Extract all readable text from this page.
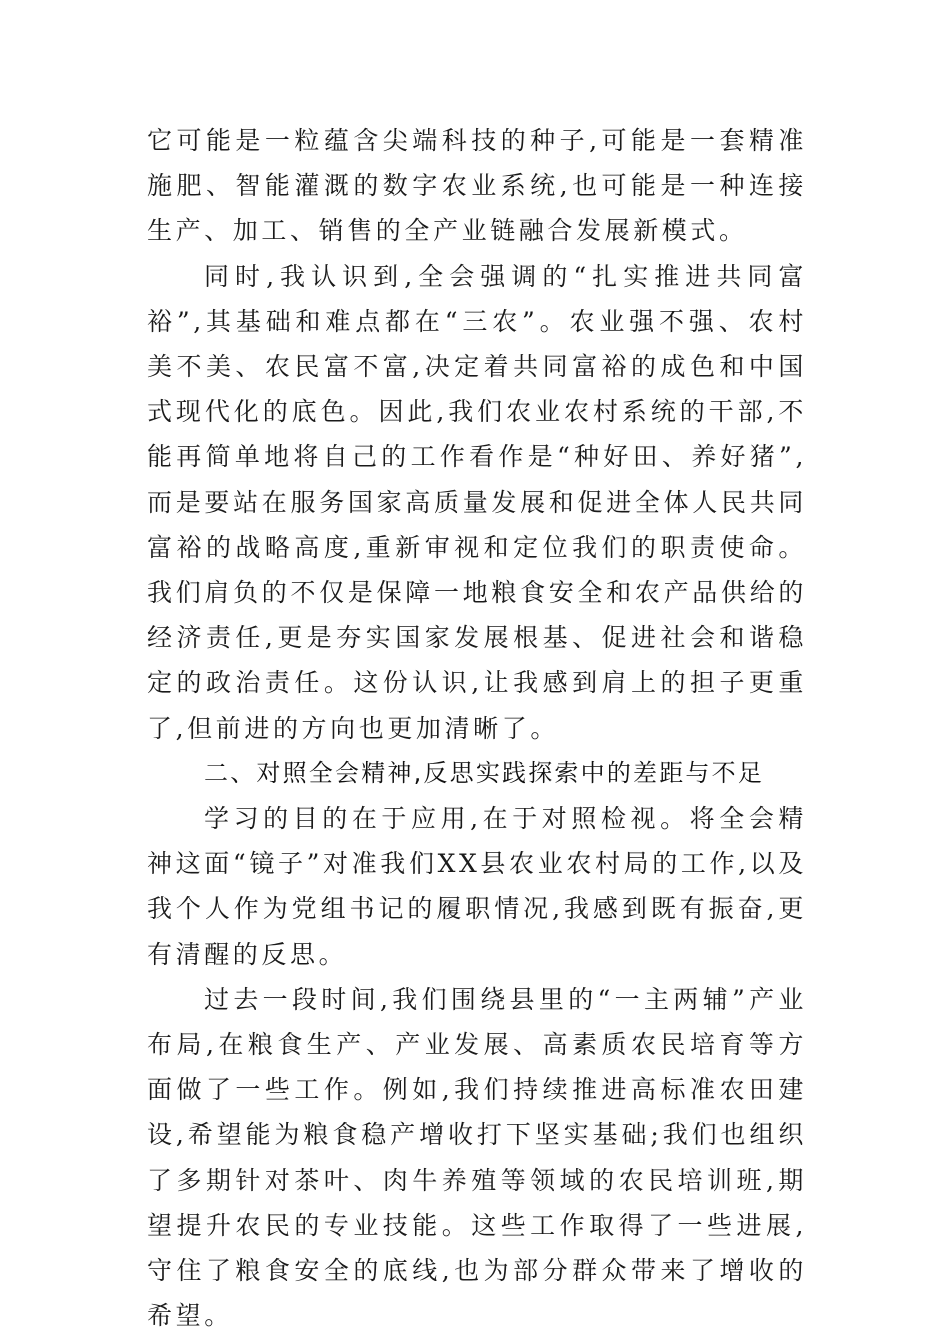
它可能是一粒蕴含尖端科技的种子,可能是一套精准施肥、智能灌溉的数字农业系统,也可能是一种连接生产、加工、销售的全产业链融合发展新模式。

同时,我认识到,全会强调的“扎实推进共同富裕”,其基础和难点都在“三农”。农业强不强、农村美不美、农民富不富,决定着共同富裕的成色和中国式现代化的底色。因此,我们农业农村系统的干部,不能再简单地将自己的工作看作是“种好田、养好猪”,而是要站在服务国家高质量发展和促进全体人民共同富裕的战略高度,重新审视和定位我们的职责使命。我们肩负的不仅是保障一地粮食安全和农产品供给的经济责任,更是夯实国家发展根基、促进社会和谐稳定的政治责任。这份认识,让我感到肩上的担子更重了,但前进的方向也更加清晰了。

二、对照全会精神,反思实践探索中的差距与不足

学习的目的在于应用,在于对照检视。将全会精神这面“镜子”对准我们XX县农业农村局的工作,以及我个人作为党组书记的履职情况,我感到既有振奋,更有清醒的反思。

过去一段时间,我们围绕县里的“一主两辅”产业布局,在粮食生产、产业发展、高素质农民培育等方面做了一些工作。例如,我们持续推进高标准农田建设,希望能为粮食稳产增收打下坚实基础;我们也组织了多期针对茶叶、肉牛养殖等领域的农民培训班,期望提升农民的专业技能。这些工作取得了一些进展,守住了粮食安全的底线,也为部分群众带来了增收的希望。
